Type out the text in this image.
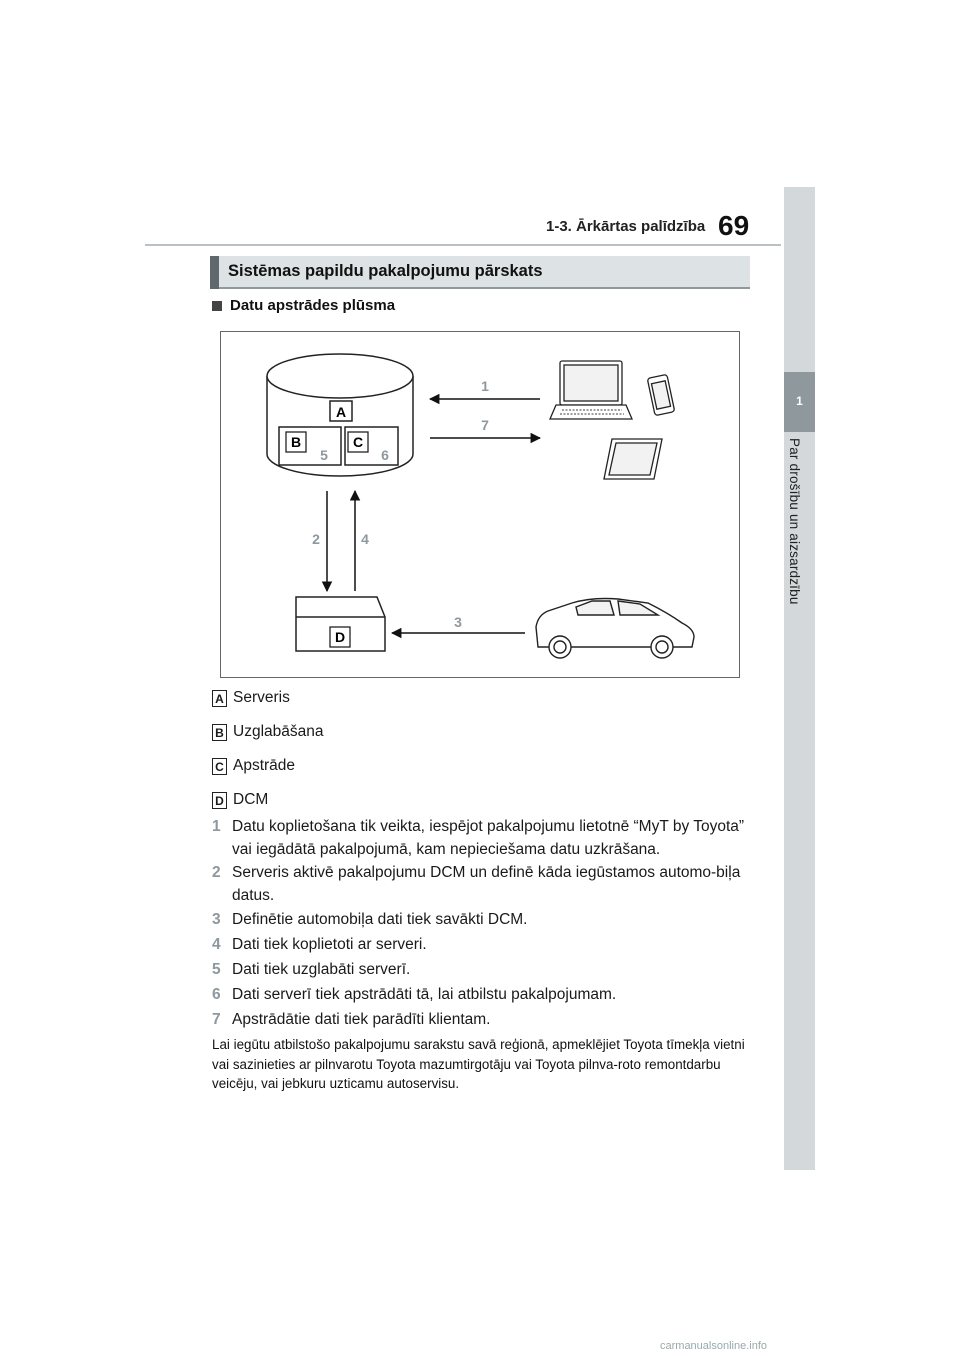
1-3. Ārkārtas palīdzība 69
1
Par drošību un aizsardzību
Sistēmas papildu pakalpojumu pārskats
Datu apstrādes plūsma
A
B
5
C
6
1
7
2	4
D
3
A Serveris
B Uzglabāšana
C Apstrāde
D DCM
1 Datu koplietošana tik veikta, iespējot pakalpojumu lietotnē “MyT by Toyota” vai iegādātā pakalpojumā, kam nepieciešama datu uzkrāšana.
2 Serveris aktivē pakalpojumu DCM un definē kāda iegūstamos automo-biļa datus.
3 Definētie automobiļa dati tiek savākti DCM.
4 Dati tiek koplietoti ar serveri.
5 Dati tiek uzglabāti serverī.
6 Dati serverī tiek apstrādāti tā, lai atbilstu pakalpojumam.
7 Apstrādātie dati tiek parādīti klientam.
Lai iegūtu atbilstošo pakalpojumu sarakstu savā reģionā, apmeklējiet Toyota tīmekļa vietni vai sazinieties ar pilnvarotu Toyota mazumtirgotāju vai Toyota pilnva-roto remontdarbu veicēju, vai jebkuru uzticamu autoservisu.
carmanualsonline.info
